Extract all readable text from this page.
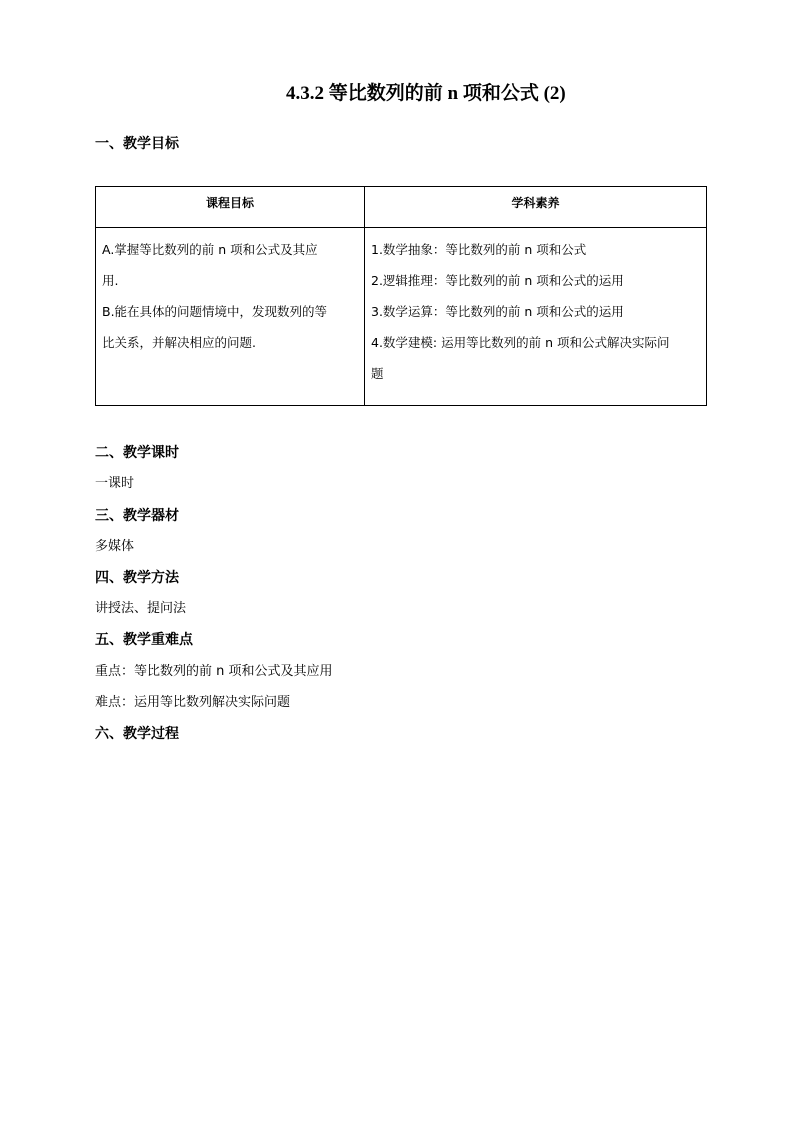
4.3.2 等比数列的前 n 项和公式 (2)
一、教学目标
课程目标	学科素养

A.掌握等比数列的前 n 项和公式及其应
用.
B.能在具体的问题情境中，发现数列的等
比关系，并解决相应的问题.	1.数学抽象：等比数列的前 n 项和公式
2.逻辑推理：等比数列的前 n 项和公式的运用
3.数学运算：等比数列的前 n 项和公式的运用
4.数学建模: 运用等比数列的前 n 项和公式解决实际问
题
二、教学课时
一课时
三、教学器材
多媒体
四、教学方法
讲授法、提问法
五、教学重难点
重点：等比数列的前 n 项和公式及其应用
难点：运用等比数列解决实际问题
六、教学过程
